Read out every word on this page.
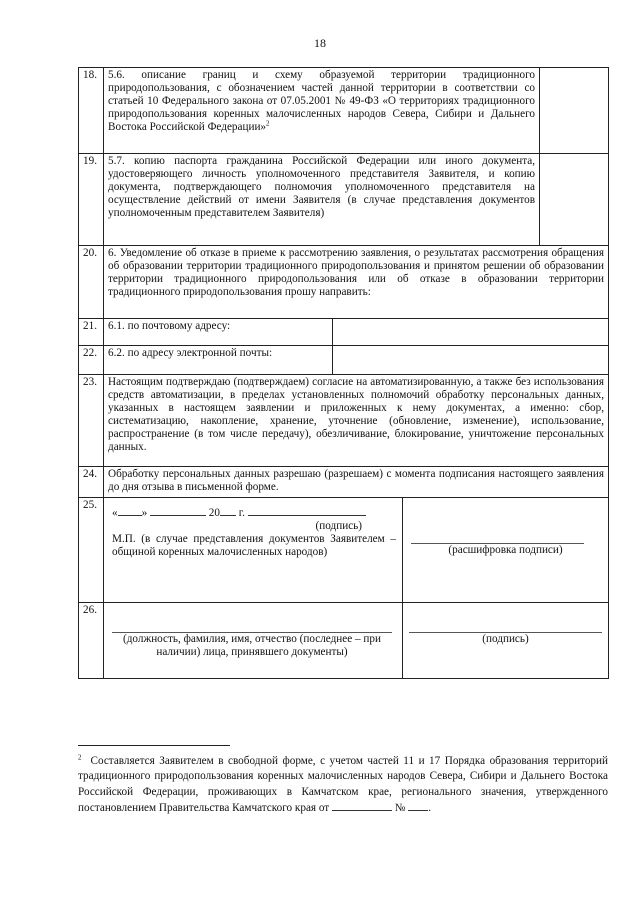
18
18.	5.6. описание границ и схему образуемой территории традиционного природопользования, с обозначением частей данной территории в соответствии со статьей 10 Федерального закона от 07.05.2001 № 49-ФЗ «О территориях традиционного природопользования коренных малочисленных народов Севера, Сибири и Дальнего Востока Российской Федерации»$^2$	
19.	5.7. копию паспорта гражданина Российской Федерации или иного документа, удостоверяющего личность уполномоченного представителя Заявителя, и копию документа, подтверждающего полномочия уполномоченного представителя на осуществление действий от имени Заявителя (в случае представления документов уполномоченным представителем Заявителя)			
20.	6. Уведомление об отказе в приеме к рассмотрению заявления, о результатах рассмотрения обращения об образовании территории традиционного природопользования и принятом решении об образовании территории традиционного природопользования или об отказе в образовании территории традиционного природопользования прошу направить:			
21.	6.1. по почтовому адресу:			
22.	6.2. по адресу электронной почты:			
23.	Настоящим подтверждаю (подтверждаем) согласие на автоматизированную, а также без использования средств автоматизации, в пределах установленных полномочий обработку персональных данных, указанных в настоящем заявлении и приложенных к нему документах, а именно: сбор, систематизацию, накопление, хранение, уточнение (обновление, изменение), использование, распространение (в том числе передачу), обезличивание, блокирование, уничтожение персональных данных.			
24.	Обработку персональных данных разрешаю (разрешаем) с момента подписания настоящего заявления до дня отзыва в письменной форме.			
25.	« » 20 г.
(подпись)
М.П. (в случае представления документов Заявителем – общиной коренных малочисленных народов)		(расшифровка подписи)	

26.	(должность, фамилия, имя, отчество (последнее – при наличии) лица, принявшего документы)		(подпись)	
$^2$ Составляется Заявителем в свободной форме, с учетом частей 11 и 17 Порядка образования территорий традиционного природопользования коренных малочисленных народов Севера, Сибири и Дальнего Востока Российской Федерации, проживающих в Камчатском крае, регионального значения, утвержденного постановлением Правительства Камчатского края от	№ .
